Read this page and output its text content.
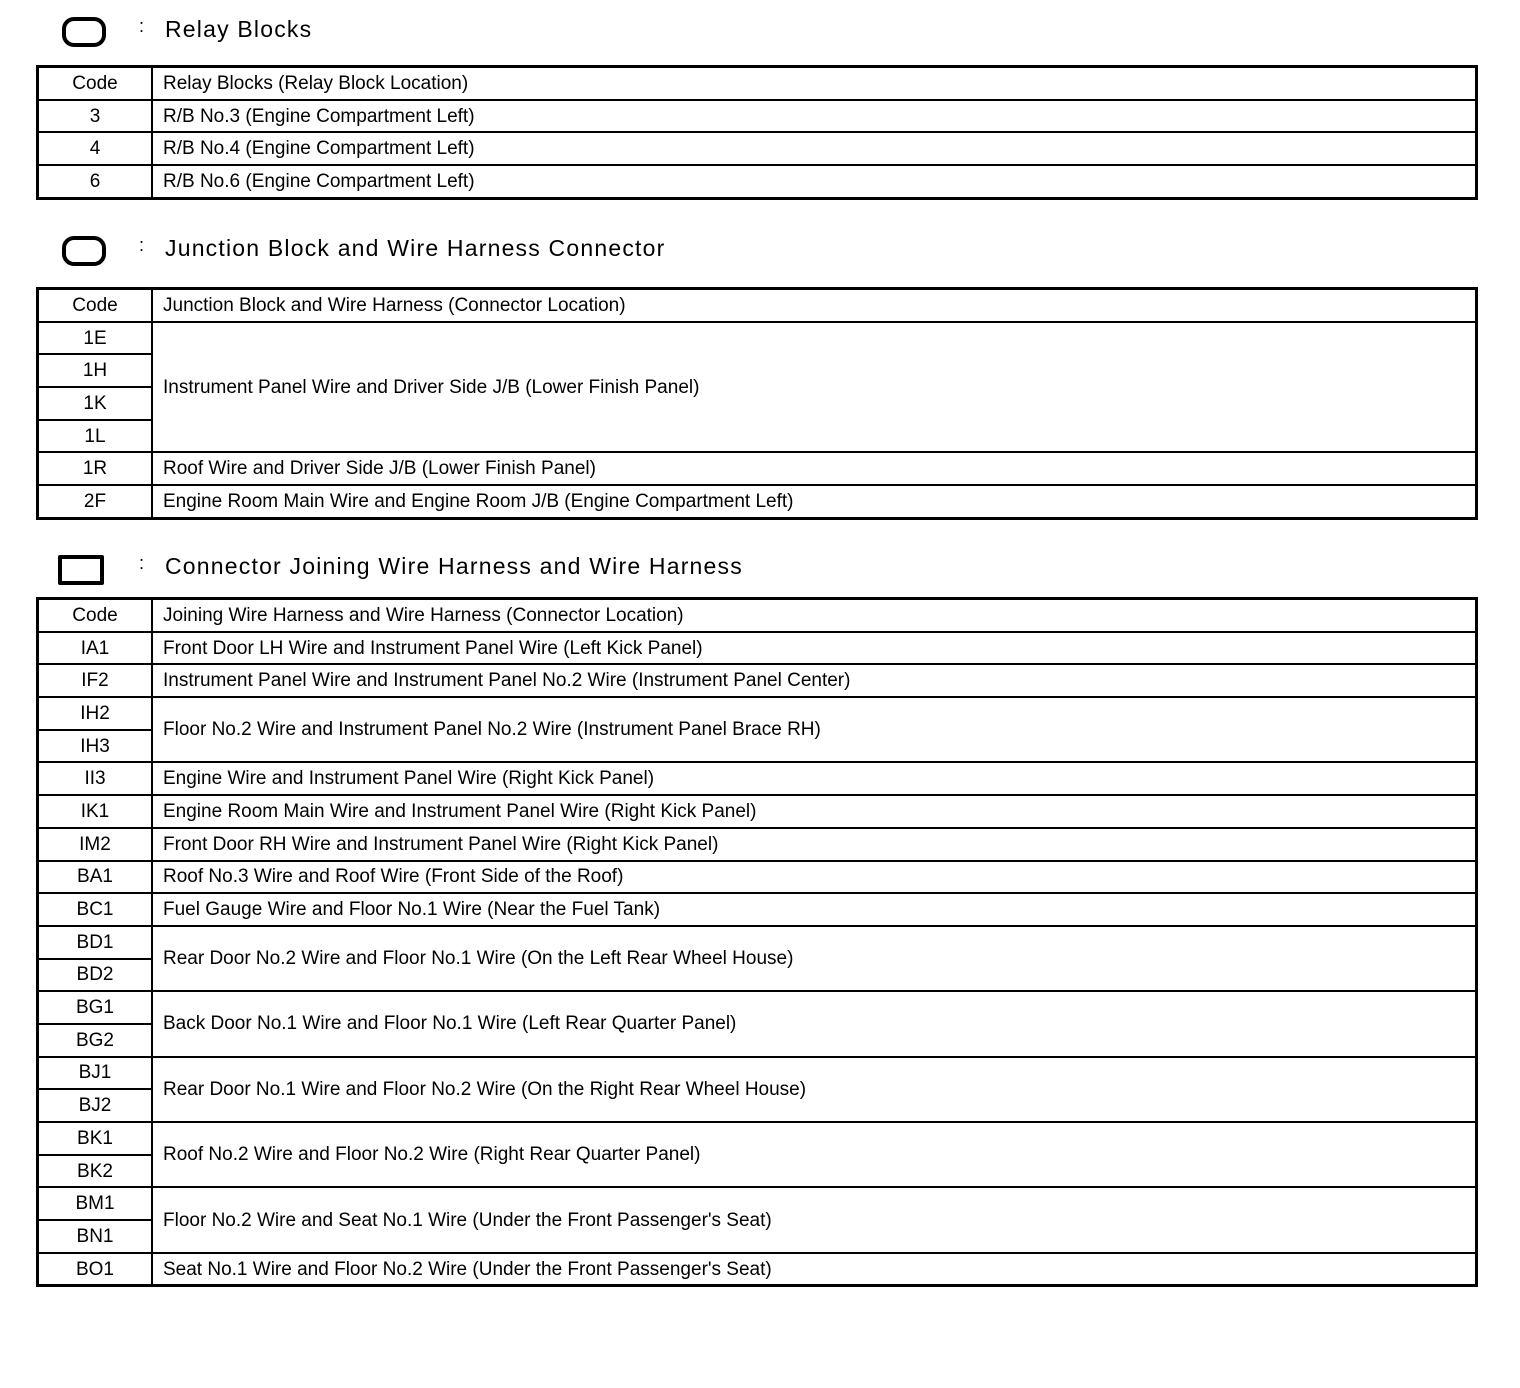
: Relay Blocks
Code	Relay Blocks (Relay Block Location)
3	R/B No.3 (Engine Compartment Left)
4	R/B No.4 (Engine Compartment Left)
6	R/B No.6 (Engine Compartment Left)
: Junction Block and Wire Harness Connector
Code	Junction Block and Wire Harness (Connector Location)
1E	Instrument Panel Wire and Driver Side J/B (Lower Finish Panel)
1H	
1K	
1L	
1R	Roof Wire and Driver Side J/B (Lower Finish Panel)
2F	Engine Room Main Wire and Engine Room J/B (Engine Compartment Left)
: Connector Joining Wire Harness and Wire Harness
Code	Joining Wire Harness and Wire Harness (Connector Location)
IA1	Front Door LH Wire and Instrument Panel Wire (Left Kick Panel)
IF2	Instrument Panel Wire and Instrument Panel No.2 Wire (Instrument Panel Center)
IH2	Floor No.2 Wire and Instrument Panel No.2 Wire (Instrument Panel Brace RH)
IH3	
II3	Engine Wire and Instrument Panel Wire (Right Kick Panel)
IK1	Engine Room Main Wire and Instrument Panel Wire (Right Kick Panel)
IM2	Front Door RH Wire and Instrument Panel Wire (Right Kick Panel)
BA1	Roof No.3 Wire and Roof Wire (Front Side of the Roof)
BC1	Fuel Gauge Wire and Floor No.1 Wire (Near the Fuel Tank)
BD1	Rear Door No.2 Wire and Floor No.1 Wire (On the Left Rear Wheel House)
BD2	
BG1	Back Door No.1 Wire and Floor No.1 Wire (Left Rear Quarter Panel)
BG2	
BJ1	Rear Door No.1 Wire and Floor No.2 Wire (On the Right Rear Wheel House)
BJ2	
BK1	Roof No.2 Wire and Floor No.2 Wire (Right Rear Quarter Panel)
BK2	
BM1	Floor No.2 Wire and Seat No.1 Wire (Under the Front Passenger's Seat)
BN1	
BO1	Seat No.1 Wire and Floor No.2 Wire (Under the Front Passenger's Seat)
